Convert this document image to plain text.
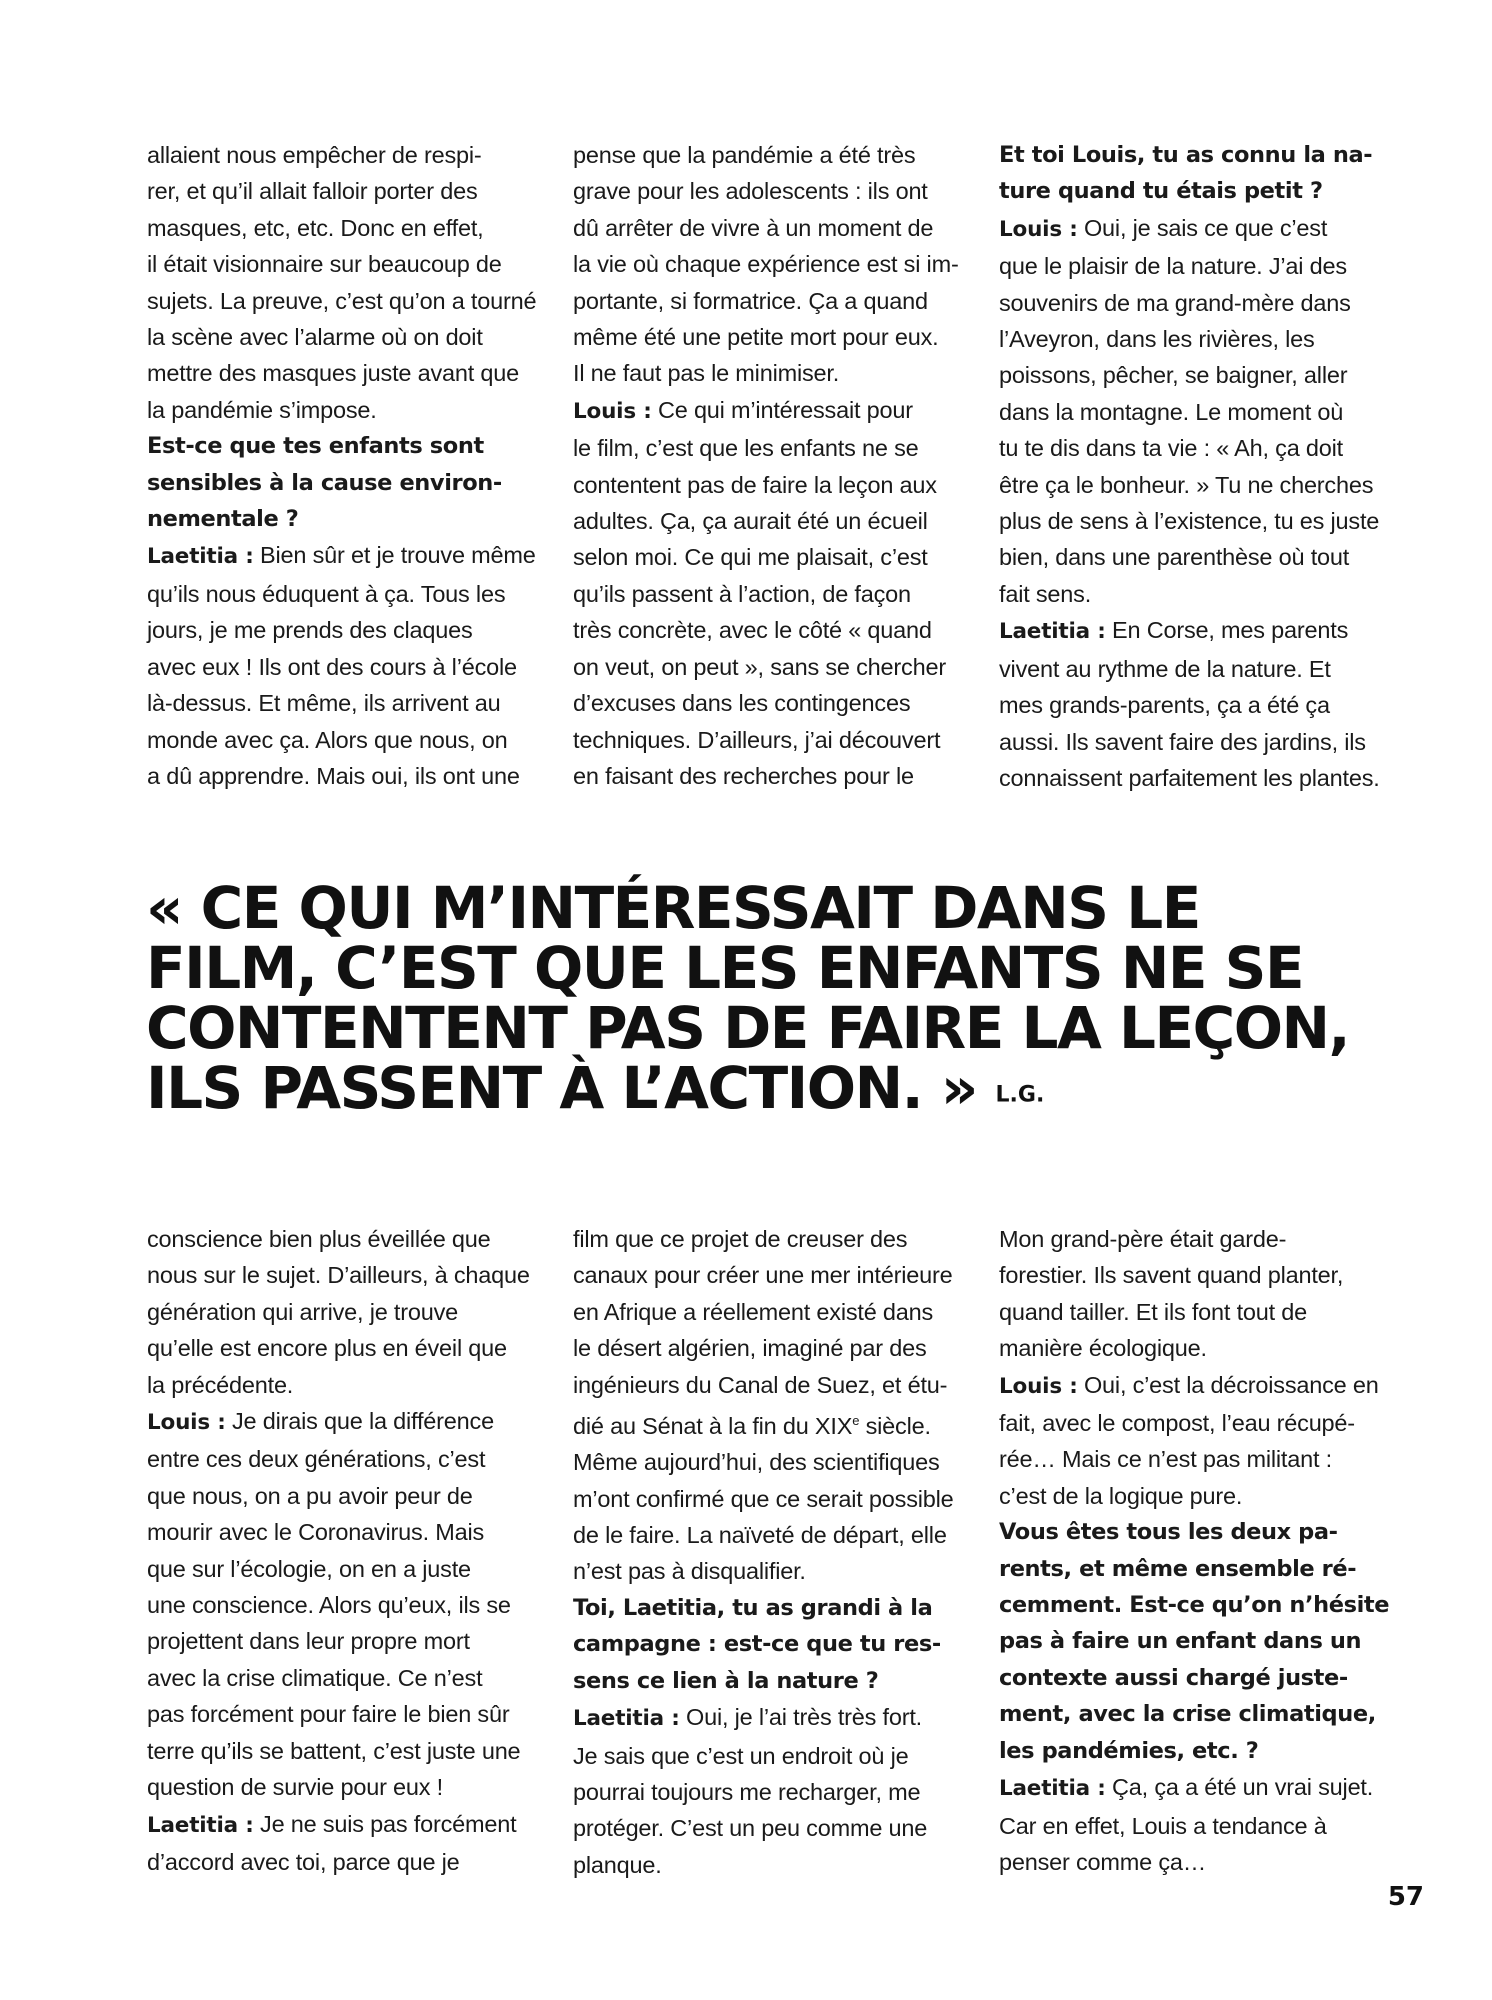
allaient nous empêcher de respi-

rer, et qu’il allait falloir porter des

masques, etc, etc. Donc en effet,

il était visionnaire sur beaucoup de

sujets. La preuve, c’est qu’on a tourné

la scène avec l’alarme où on doit

mettre des masques juste avant que

la pandémie s’impose.

Est-ce que tes enfants sont

sensibles à la cause environ-

nementale ?

Laetitia : Bien sûr et je trouve même

qu’ils nous éduquent à ça. Tous les

jours, je me prends des claques

avec eux ! Ils ont des cours à l’école

là-dessus. Et même, ils arrivent au

monde avec ça. Alors que nous, on

a dû apprendre. Mais oui, ils ont une

pense que la pandémie a été très

grave pour les adolescents : ils ont

dû arrêter de vivre à un moment de

la vie où chaque expérience est si im-

portante, si formatrice. Ça a quand

même été une petite mort pour eux.

Il ne faut pas le minimiser.

Louis : Ce qui m’intéressait pour

le film, c’est que les enfants ne se

contentent pas de faire la leçon aux

adultes. Ça, ça aurait été un écueil

selon moi. Ce qui me plaisait, c’est

qu’ils passent à l’action, de façon

très concrète, avec le côté « quand

on veut, on peut », sans se chercher

d’excuses dans les contingences

techniques. D’ailleurs, j’ai découvert

en faisant des recherches pour le

Et toi Louis, tu as connu la na-

ture quand tu étais petit ?

Louis : Oui, je sais ce que c’est

que le plaisir de la nature. J’ai des

souvenirs de ma grand-mère dans

l’Aveyron, dans les rivières, les

poissons, pêcher, se baigner, aller

dans la montagne. Le moment où

tu te dis dans ta vie : « Ah, ça doit

être ça le bonheur. » Tu ne cherches

plus de sens à l’existence, tu es juste

bien, dans une parenthèse où tout

fait sens.

Laetitia : En Corse, mes parents

vivent au rythme de la nature. Et

mes grands-parents, ça a été ça

aussi. Ils savent faire des jardins, ils

connaissent parfaitement les plantes.

« CE QUI M’INTÉRESSAIT DANS LE
FILM, C’EST QUE LES ENFANTS NE SE
CONTENTENT PAS DE FAIRE LA LEÇON,
ILS PASSENT À L’ACTION. » L.G.

conscience bien plus éveillée que

nous sur le sujet. D’ailleurs, à chaque

génération qui arrive, je trouve

qu’elle est encore plus en éveil que

la précédente.

Louis : Je dirais que la différence

entre ces deux générations, c’est

que nous, on a pu avoir peur de

mourir avec le Coronavirus. Mais

que sur l’écologie, on en a juste

une conscience. Alors qu’eux, ils se

projettent dans leur propre mort

avec la crise climatique. Ce n’est

pas forcément pour faire le bien sûr

terre qu’ils se battent, c’est juste une

question de survie pour eux !

Laetitia : Je ne suis pas forcément

d’accord avec toi, parce que je

film que ce projet de creuser des

canaux pour créer une mer intérieure

en Afrique a réellement existé dans

le désert algérien, imaginé par des

ingénieurs du Canal de Suez, et étu-

dié au Sénat à la fin du XIXe siècle.

Même aujourd’hui, des scientifiques

m’ont confirmé que ce serait possible

de le faire. La naïveté de départ, elle

n’est pas à disqualifier.

Toi, Laetitia, tu as grandi à la

campagne : est-ce que tu res-

sens ce lien à la nature ?

Laetitia : Oui, je l’ai très très fort.

Je sais que c’est un endroit où je

pourrai toujours me recharger, me

protéger. C’est un peu comme une

planque.

Mon grand-père était garde-

forestier. Ils savent quand planter,

quand tailler. Et ils font tout de

manière écologique.

Louis : Oui, c’est la décroissance en

fait, avec le compost, l’eau récupé-

rée… Mais ce n’est pas militant :

c’est de la logique pure.

Vous êtes tous les deux pa-

rents, et même ensemble ré-

cemment. Est-ce qu’on n’hésite

pas à faire un enfant dans un

contexte aussi chargé juste-

ment, avec la crise climatique,

les pandémies, etc. ?

Laetitia : Ça, ça a été un vrai sujet.

Car en effet, Louis a tendance à

penser comme ça…

57
